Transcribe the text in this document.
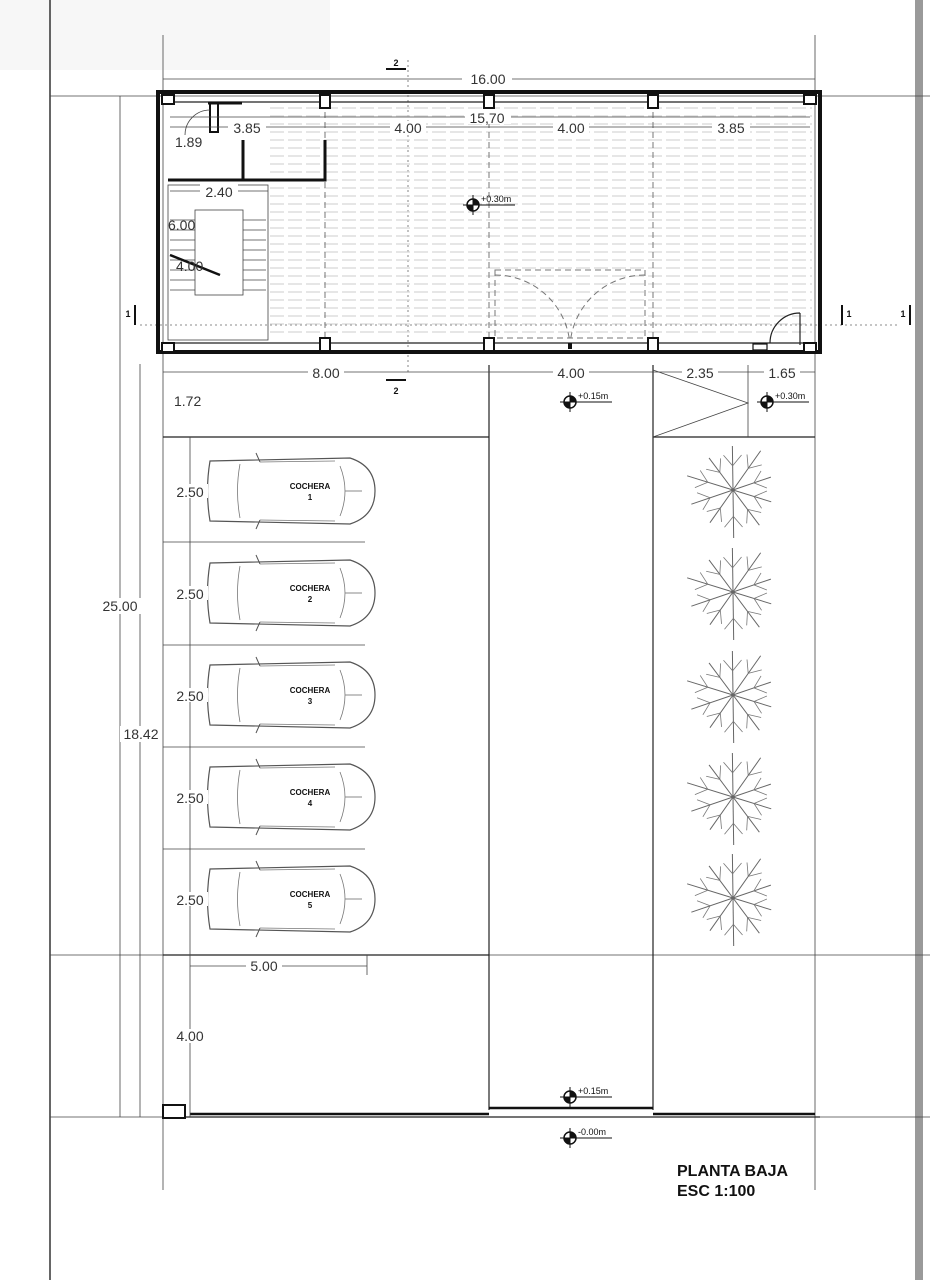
COCHERA
1
COCHERA
2
COCHERA
3
COCHERA
4
COCHERA
5
16.00
15,70
3.85	4.00	4.00	3.85
1.89
2.40
6.00
4.00
8.00	4.00	2.35	1.65
1.72
25.00
18.42
2.50
2.50
2.50
2.50
2.50
5.00
4.00
+0.30m
+0.15m	+0.30m
+0.15m
-0.00m
2
2
1	1	1
PLANTA BAJA
ESC 1:100
